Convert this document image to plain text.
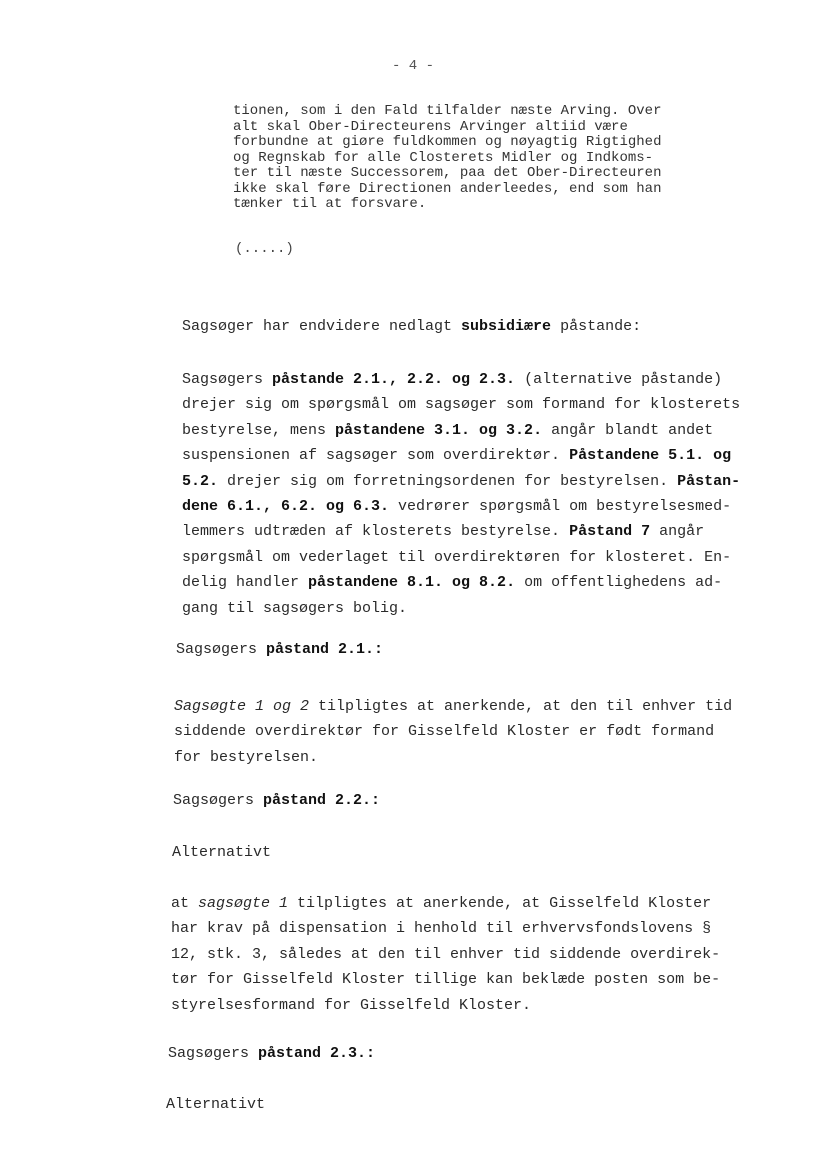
- 4 -
tionen, som i den Fald tilfalder næste Arving. Over
alt skal Ober-Directeurens Arvinger altiid være
forbundne at giøre fuldkommen og nøyagtig Rigtighed
og Regnskab for alle Closterets Midler og Indkoms-
ter til næste Successorem, paa det Ober-Directeuren
ikke skal føre Directionen anderleedes, end som han
tænker til at forsvare.
(.....)
Sagsøger har endvidere nedlagt subsidiære påstande:
Sagsøgers påstande 2.1., 2.2. og 2.3. (alternative påstande)
drejer sig om spørgsmål om sagsøger som formand for klosterets
bestyrelse, mens påstandene 3.1. og 3.2. angår blandt andet
suspensionen af sagsøger som overdirektør. Påstandene 5.1. og
5.2. drejer sig om forretningsordenen for bestyrelsen. Påstan-
dene 6.1., 6.2. og 6.3. vedrører spørgsmål om bestyrelsesmed-
lemmers udtræden af klosterets bestyrelse. Påstand 7 angår
spørgsmål om vederlaget til overdirektøren for klosteret. En-
delig handler påstandene 8.1. og 8.2. om offentlighedens ad-
gang til sagsøgers bolig.
Sagsøgers påstand 2.1.:
Sagsøgte 1 og 2 tilpligtes at anerkende, at den til enhver tid
siddende overdirektør for Gisselfeld Kloster er født formand
for bestyrelsen.
Sagsøgers påstand 2.2.:
Alternativt
at sagsøgte 1 tilpligtes at anerkende, at Gisselfeld Kloster
har krav på dispensation i henhold til erhvervsfondslovens §
12, stk. 3, således at den til enhver tid siddende overdirek-
tør for Gisselfeld Kloster tillige kan beklæde posten som be-
styrelsesformand for Gisselfeld Kloster.
Sagsøgers påstand 2.3.:
Alternativt
